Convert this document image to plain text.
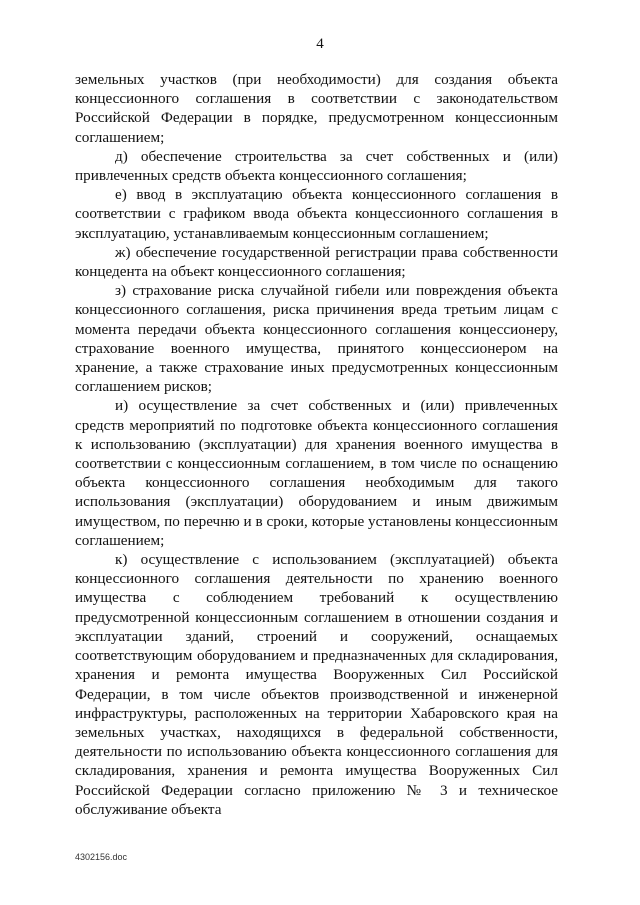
4

земельных участков (при необходимости) для создания объекта концессионного соглашения в соответствии с законодательством Российской Федерации в порядке, предусмотренном концессионным соглашением;

д) обеспечение строительства за счет собственных и (или) привлеченных средств объекта концессионного соглашения;

е) ввод в эксплуатацию объекта концессионного соглашения в соответствии с графиком ввода объекта концессионного соглашения в эксплуатацию, устанавливаемым концессионным соглашением;

ж) обеспечение государственной регистрации права собственности концедента на объект концессионного соглашения;

з) страхование риска случайной гибели или повреждения объекта концессионного соглашения, риска причинения вреда третьим лицам с момента передачи объекта концессионного соглашения концессионеру, страхование военного имущества, принятого концессионером на хранение, а также страхование иных предусмотренных концессионным соглашением рисков;

и) осуществление за счет собственных и (или) привлеченных средств мероприятий по подготовке объекта концессионного соглашения к использованию (эксплуатации) для хранения военного имущества в соответствии с концессионным соглашением, в том числе по оснащению объекта концессионного соглашения необходимым для такого использования (эксплуатации) оборудованием и иным движимым имуществом, по перечню и в сроки, которые установлены концессионным соглашением;

к) осуществление с использованием (эксплуатацией) объекта концессионного соглашения деятельности по хранению военного имущества с соблюдением требований к осуществлению предусмотренной концессионным соглашением в отношении создания и эксплуатации зданий, строений и сооружений, оснащаемых соответствующим оборудованием и предназначенных для складирования, хранения и ремонта имущества Вооруженных Сил Российской Федерации, в том числе объектов производственной и инженерной инфраструктуры, расположенных на территории Хабаровского края на земельных участках, находящихся в федеральной собственности, деятельности по использованию объекта концессионного соглашения для складирования, хранения и ремонта имущества Вооруженных Сил Российской Федерации согласно приложению № 3 и техническое обслуживание объекта

4302156.doc
